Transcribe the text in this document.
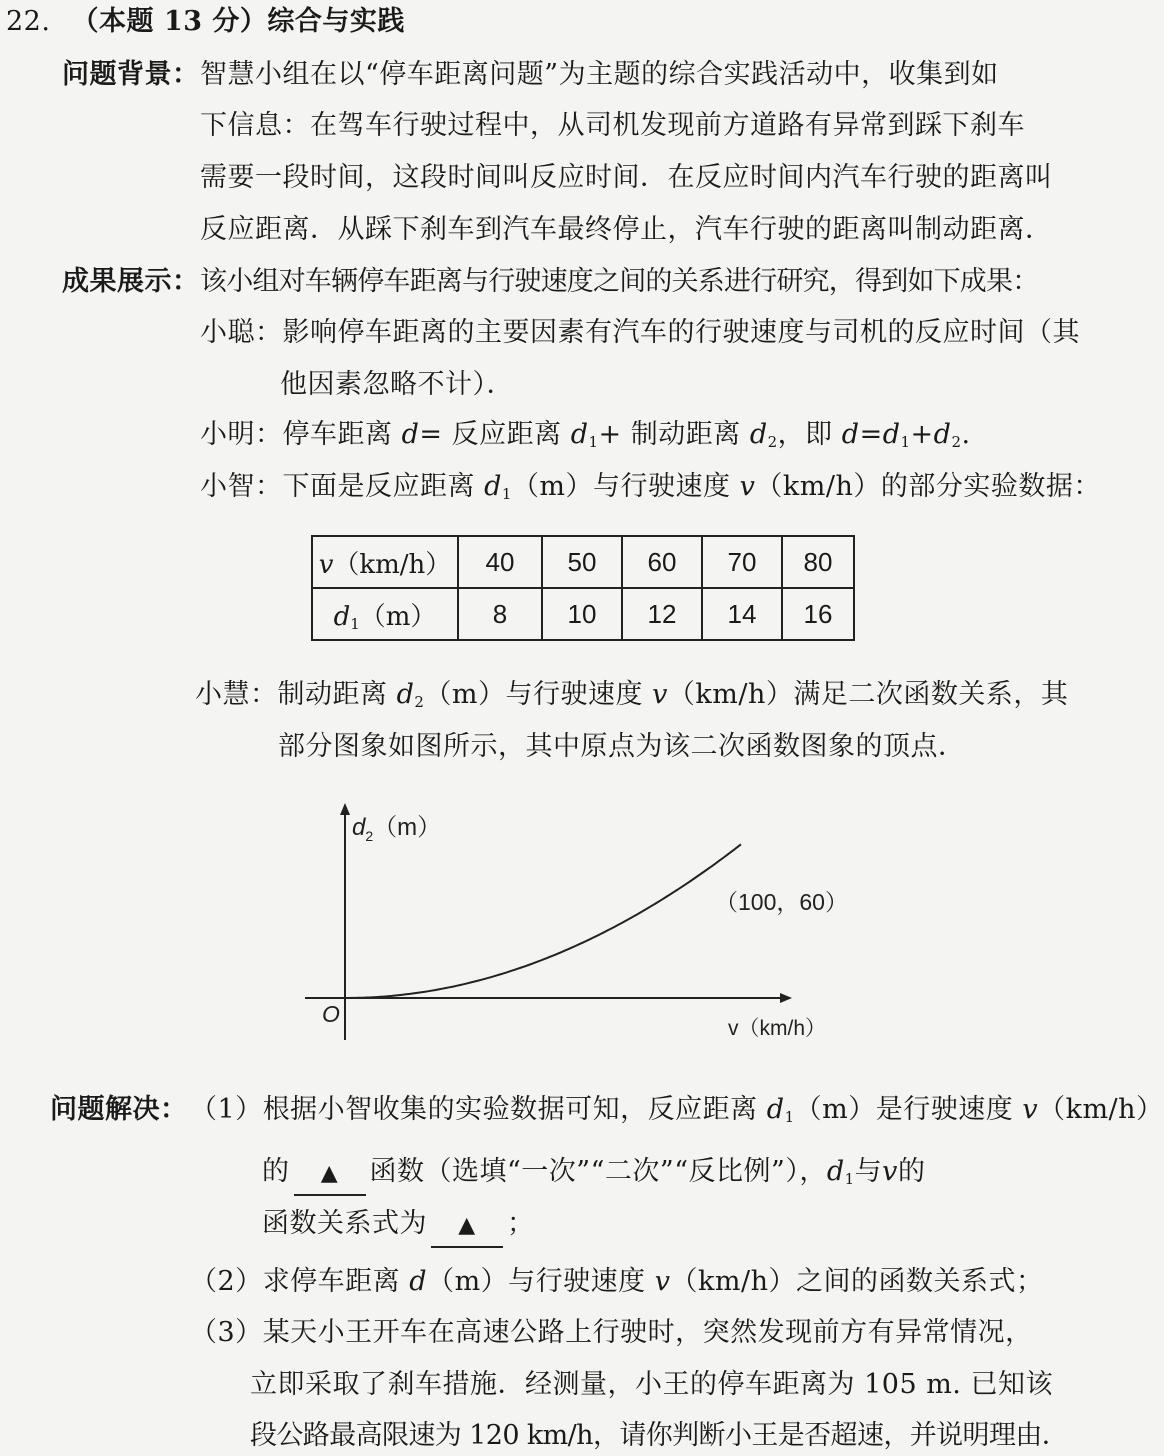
22. （本题 13 分）综合与实践
问题背景： 智慧小组在以“停车距离问题”为主题的综合实践活动中，收集到如
下信息：在驾车行驶过程中，从司机发现前方道路有异常到踩下刹车
需要一段时间，这段时间叫反应时间．在反应时间内汽车行驶的距离叫
反应距离．从踩下刹车到汽车最终停止，汽车行驶的距离叫制动距离．
成果展示： 该小组对车辆停车距离与行驶速度之间的关系进行研究，得到如下成果：
小聪：影响停车距离的主要因素有汽车的行驶速度与司机的反应时间（其
他因素忽略不计）．
小明：停车距离 d= 反应距离 $d_1+$ 制动距离 $d_2$，即 $d=d_1+d_2$.
小智：下面是反应距离 $d_1(m)$与行驶速度 v（km/h）的部分实验数据：
v（km/h）	40	50	60	70	80
$d_1(m)$	8	10	12	14	16
小慧：制动距离 $d_2(m)$与行驶速度 v（km/h）满足二次函数关系，其
部分图象如图所示，其中原点为该二次函数图象的顶点．
$d_2(m)$
（100，60）
O
v（km/h）
问题解决： （1）根据小智收集的实验数据可知，反应距离 $d_1(m)$是行驶速度 v（km/h）
的 ▲ 函数（选填“一次”“二次”“反比例”），$d_1$与v的
函数关系式为 ▲ ；
（2）求停车距离 d（m）与行驶速度 v（km/h）之间的函数关系式；
（3）某天小王开车在高速公路上行驶时，突然发现前方有异常情况，
立即采取了刹车措施．经测量，小王的停车距离为 105 m. 已知该
段公路最高限速为 120 km/h，请你判断小王是否超速，并说明理由．
